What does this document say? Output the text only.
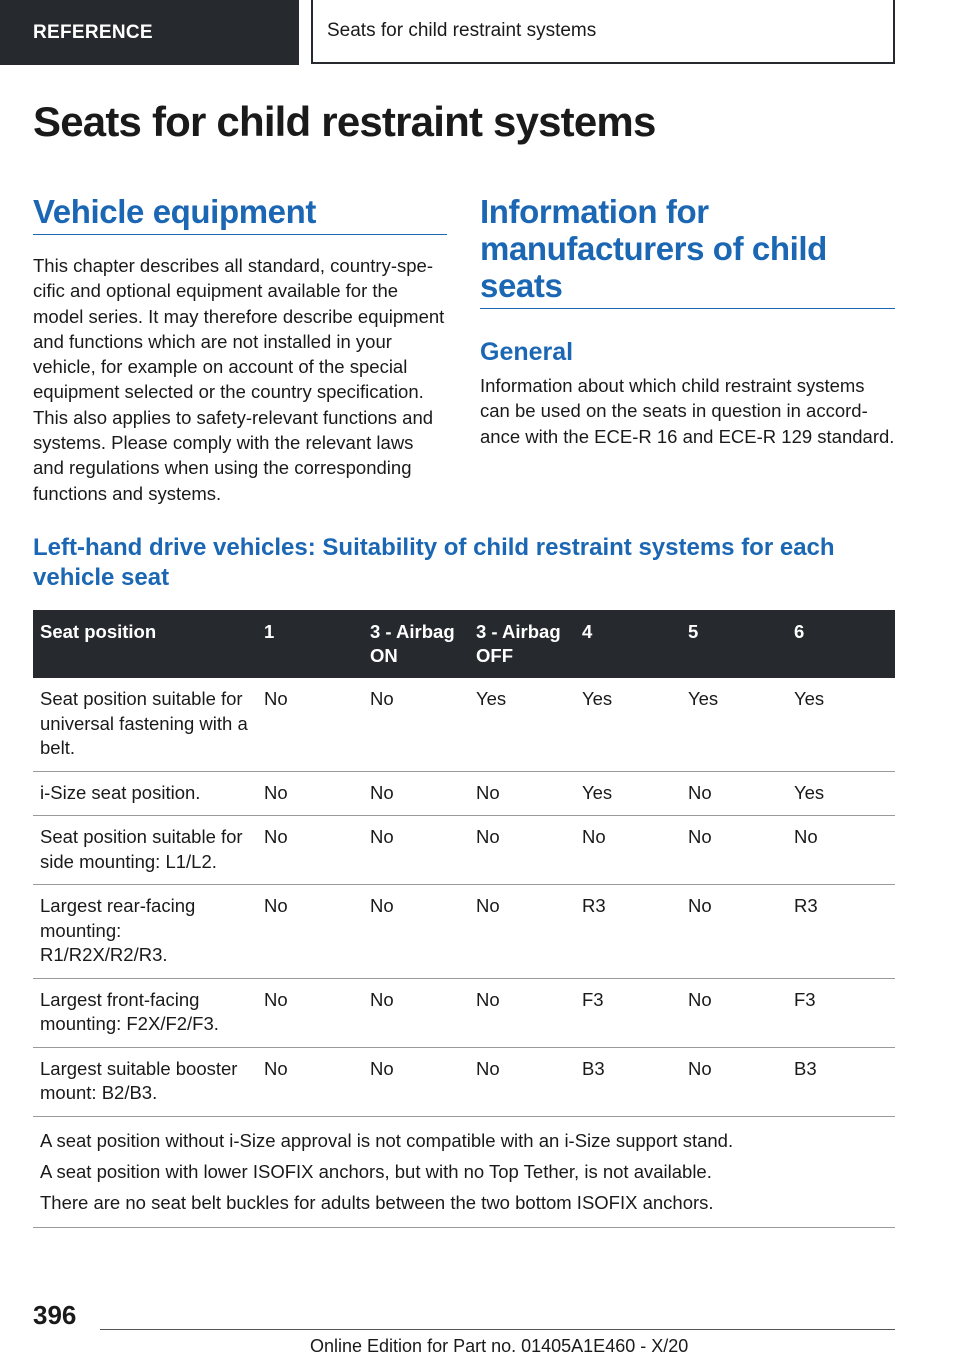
REFERENCE	Seats for child restraint systems
Seats for child restraint systems
Vehicle equipment

This chapter describes all standard, country-specific and optional equipment available for the model series. It may therefore describe equipment and functions which are not installed in your vehicle, for example on account of the special equipment selected or the country specification. This also applies to safety-relevant functions and systems. Please comply with the relevant laws and regulations when using the corresponding functions and systems.

Information for manufacturers of child seats
General

Information about which child restraint systems can be used on the seats in question in accordance with the ECE-R 16 and ECE-R 129 standard.

Left-hand drive vehicles: Suitability of child restraint systems for each vehicle seat
Seat position	1	3 - Airbag ON	3 - Airbag OFF	4	5	6
Seat position suitable for universal fastening with a belt.	No	No	Yes	Yes	Yes	Yes
i-Size seat position.	No	No	No	Yes	No	Yes
Seat position suitable for side mounting: L1/L2.	No	No	No	No	No	No
Largest rear-facing mounting: R1/R2X/R2/R3.	No	No	No	R3	No	R3
Largest front-facing mounting: F2X/F2/F3.	No	No	No	F3	No	F3
Largest suitable booster mount: B2/B3.	No	No	No	B3	No	B3

A seat position without i-Size approval is not compatible with an i-Size support stand.
A seat position with lower ISOFIX anchors, but with no Top Tether, is not available.
There are no seat belt buckles for adults between the two bottom ISOFIX anchors.						
396
Online Edition for Part no. 01405A1E460 - X/20
